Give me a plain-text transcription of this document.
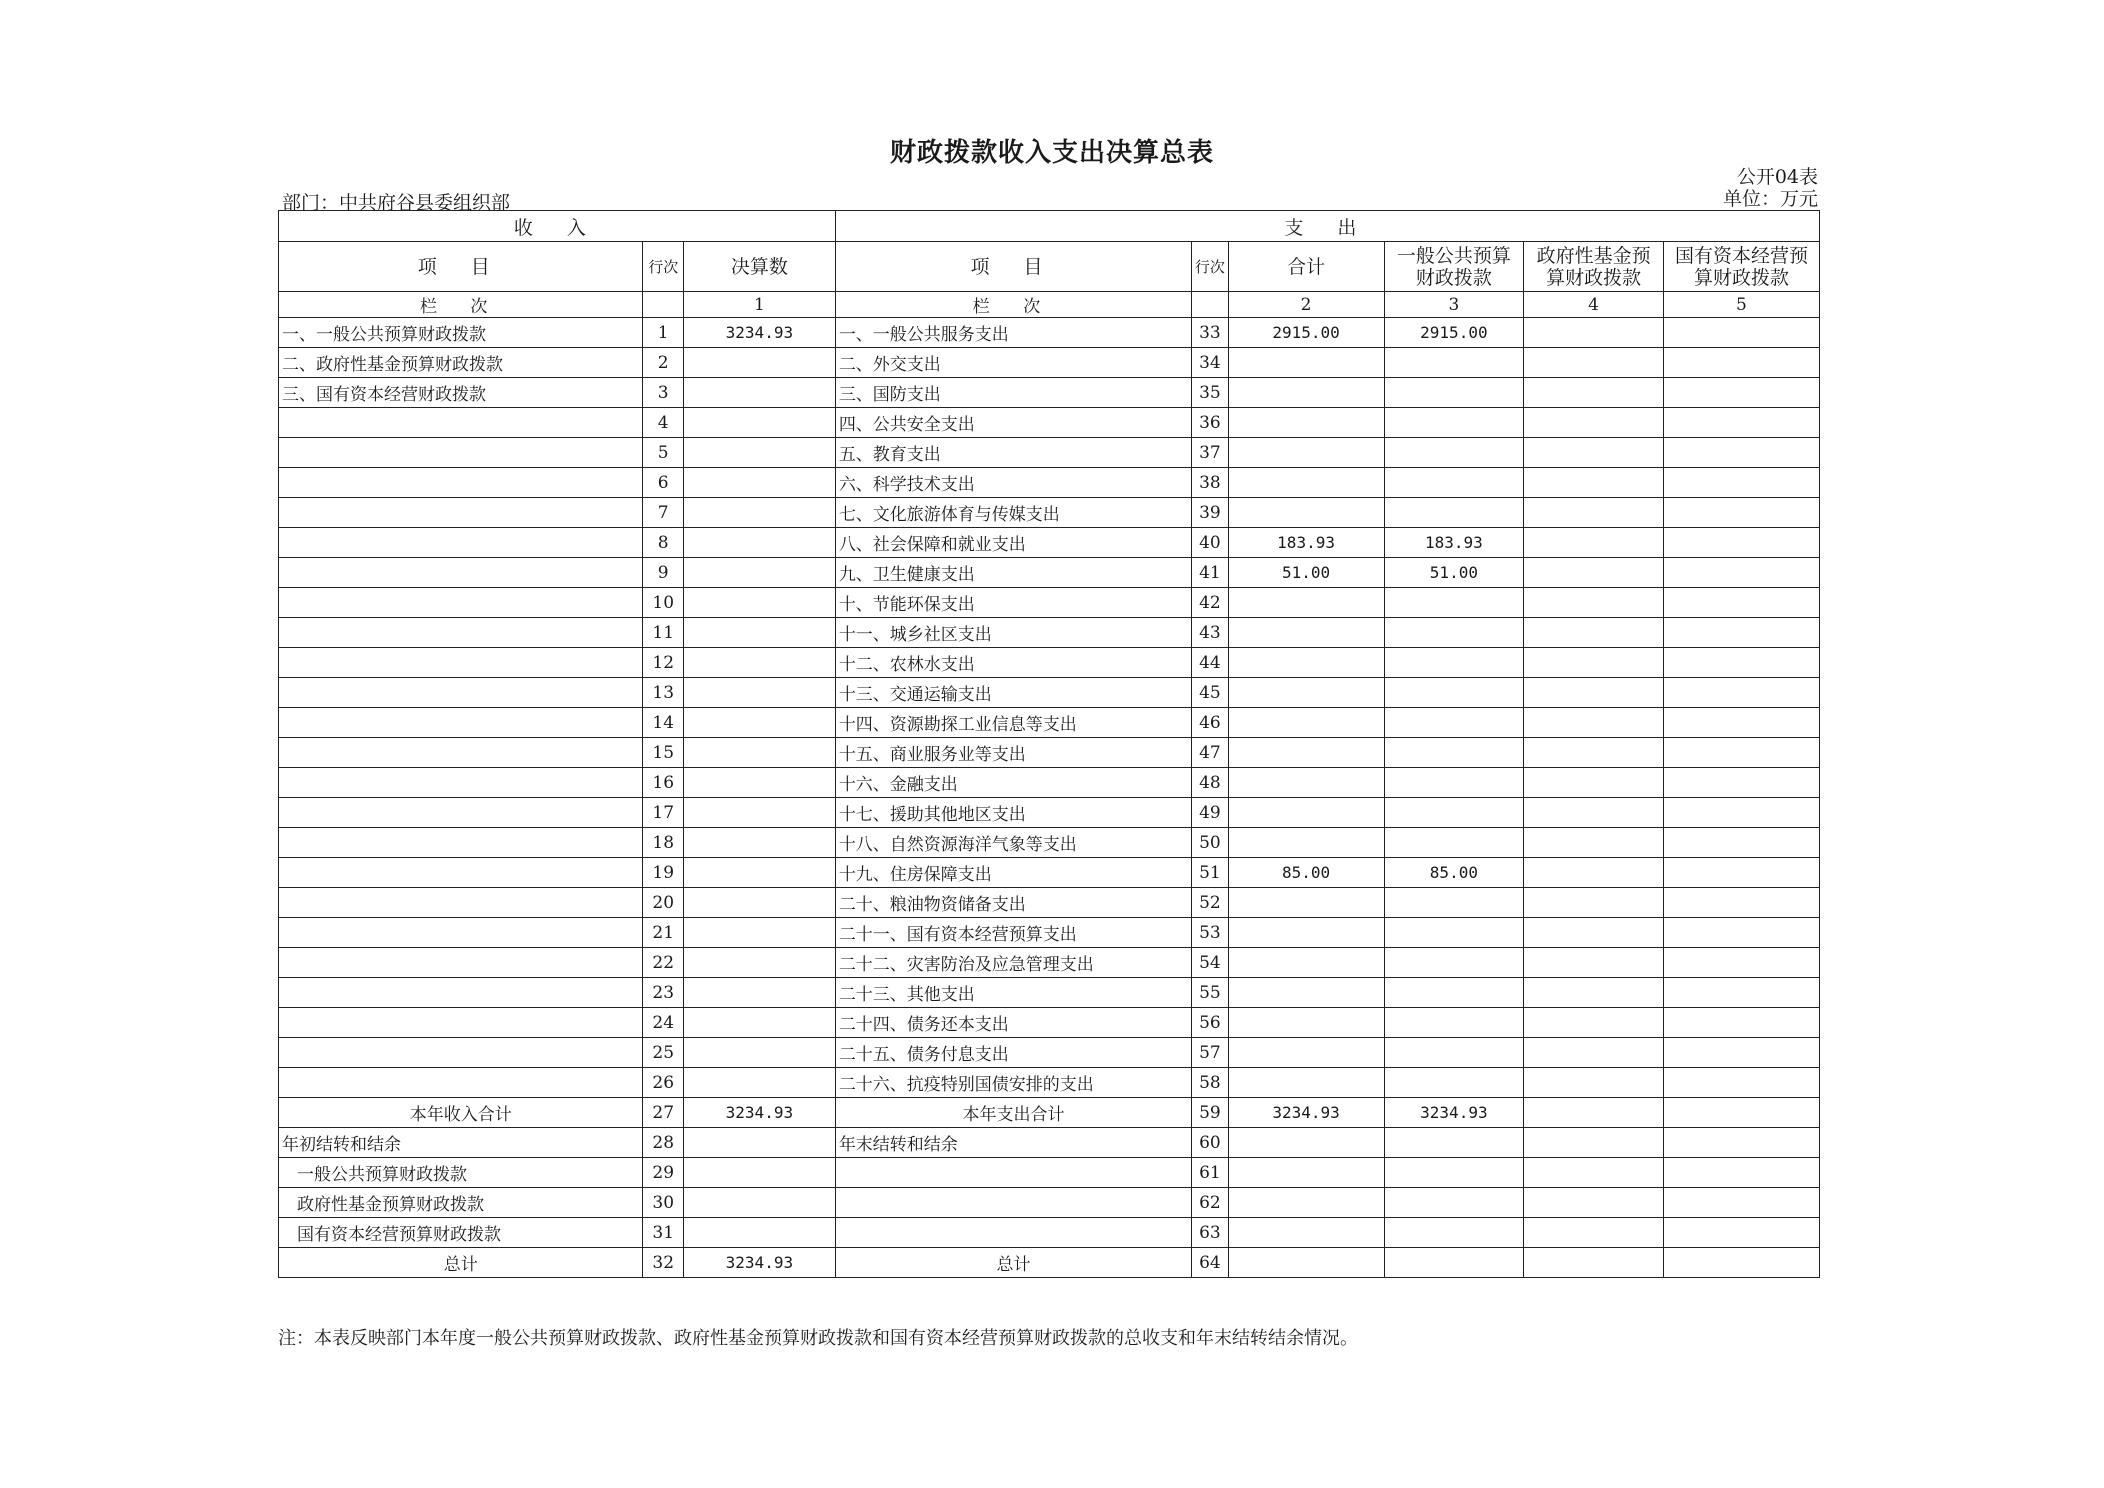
财政拨款收入支出决算总表
部门：中共府谷县委组织部
公开04表
单位：万元
收 入			支 出					
项 目	行次	决算数	项 目	行次	合计	一般公共预算财政拨款	政府性基金预算财政拨款	国有资本经营预算财政拨款
栏 次		1	栏 次		2	3	4	5
一、一般公共预算财政拨款	1	3234.93	一、一般公共服务支出	33	2915.00	2915.00		
二、政府性基金预算财政拨款	2		二、外交支出	34				
三、国有资本经营财政拨款	3		三、国防支出	35				
	4		四、公共安全支出	36				
	5		五、教育支出	37				
	6		六、科学技术支出	38				
	7		七、文化旅游体育与传媒支出	39				
	8		八、社会保障和就业支出	40	183.93	183.93		
	9		九、卫生健康支出	41	51.00	51.00		
	10		十、节能环保支出	42				
	11		十一、城乡社区支出	43				
	12		十二、农林水支出	44				
	13		十三、交通运输支出	45				
	14		十四、资源勘探工业信息等支出	46				
	15		十五、商业服务业等支出	47				
	16		十六、金融支出	48				
	17		十七、援助其他地区支出	49				
	18		十八、自然资源海洋气象等支出	50				
	19		十九、住房保障支出	51	85.00	85.00		
	20		二十、粮油物资储备支出	52				
	21		二十一、国有资本经营预算支出	53				
	22		二十二、灾害防治及应急管理支出	54				
	23		二十三、其他支出	55				
	24		二十四、债务还本支出	56				
	25		二十五、债务付息支出	57				
	26		二十六、抗疫特别国债安排的支出	58				
本年收入合计	27	3234.93	本年支出合计	59	3234.93	3234.93		
年初结转和结余	28		年末结转和结余	60				
一般公共预算财政拨款	29			61				
政府性基金预算财政拨款	30			62				
国有资本经营预算财政拨款	31			63				
总计	32	3234.93	总计	64				
注：本表反映部门本年度一般公共预算财政拨款、政府性基金预算财政拨款和国有资本经营预算财政拨款的总收支和年末结转结余情况。
